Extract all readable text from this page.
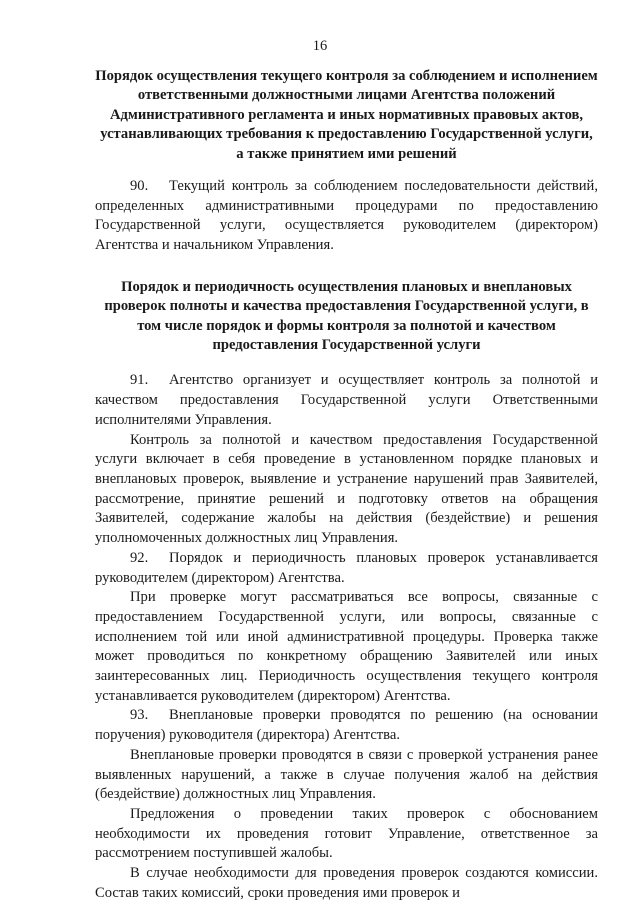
16

Порядок осуществления текущего контроля за соблюдением и исполнением ответственными должностными лицами Агентства положений Административного регламента и иных нормативных правовых актов, устанавливающих требования к предоставлению Государственной услуги, а также принятием ими решений

90. Текущий контроль за соблюдением последовательности действий, определенных административными процедурами по предоставлению Государственной услуги, осуществляется руководителем (директором) Агентства и начальником Управления.

Порядок и периодичность осуществления плановых и внеплановых проверок полноты и качества предоставления Государственной услуги, в том числе порядок и формы контроля за полнотой и качеством предоставления Государственной услуги

91. Агентство организует и осуществляет контроль за полнотой и качеством предоставления Государственной услуги Ответственными исполнителями Управления.

Контроль за полнотой и качеством предоставления Государственной услуги включает в себя проведение в установленном порядке плановых и внеплановых проверок, выявление и устранение нарушений прав Заявителей, рассмотрение, принятие решений и подготовку ответов на обращения Заявителей, содержание жалобы на действия (бездействие) и решения уполномоченных должностных лиц Управления.

92. Порядок и периодичность плановых проверок устанавливается руководителем (директором) Агентства.

При проверке могут рассматриваться все вопросы, связанные с предоставлением Государственной услуги, или вопросы, связанные с исполнением той или иной административной процедуры. Проверка также может проводиться по конкретному обращению Заявителей или иных заинтересованных лиц. Периодичность осуществления текущего контроля устанавливается руководителем (директором) Агентства.

93. Внеплановые проверки проводятся по решению (на основании поручения) руководителя (директора) Агентства.

Внеплановые проверки проводятся в связи с проверкой устранения ранее выявленных нарушений, а также в случае получения жалоб на действия (бездействие) должностных лиц Управления.

Предложения о проведении таких проверок с обоснованием необходимости их проведения готовит Управление, ответственное за рассмотрением поступившей жалобы.

В случае необходимости для проведения проверок создаются комиссии. Состав таких комиссий, сроки проведения ими проверок и
